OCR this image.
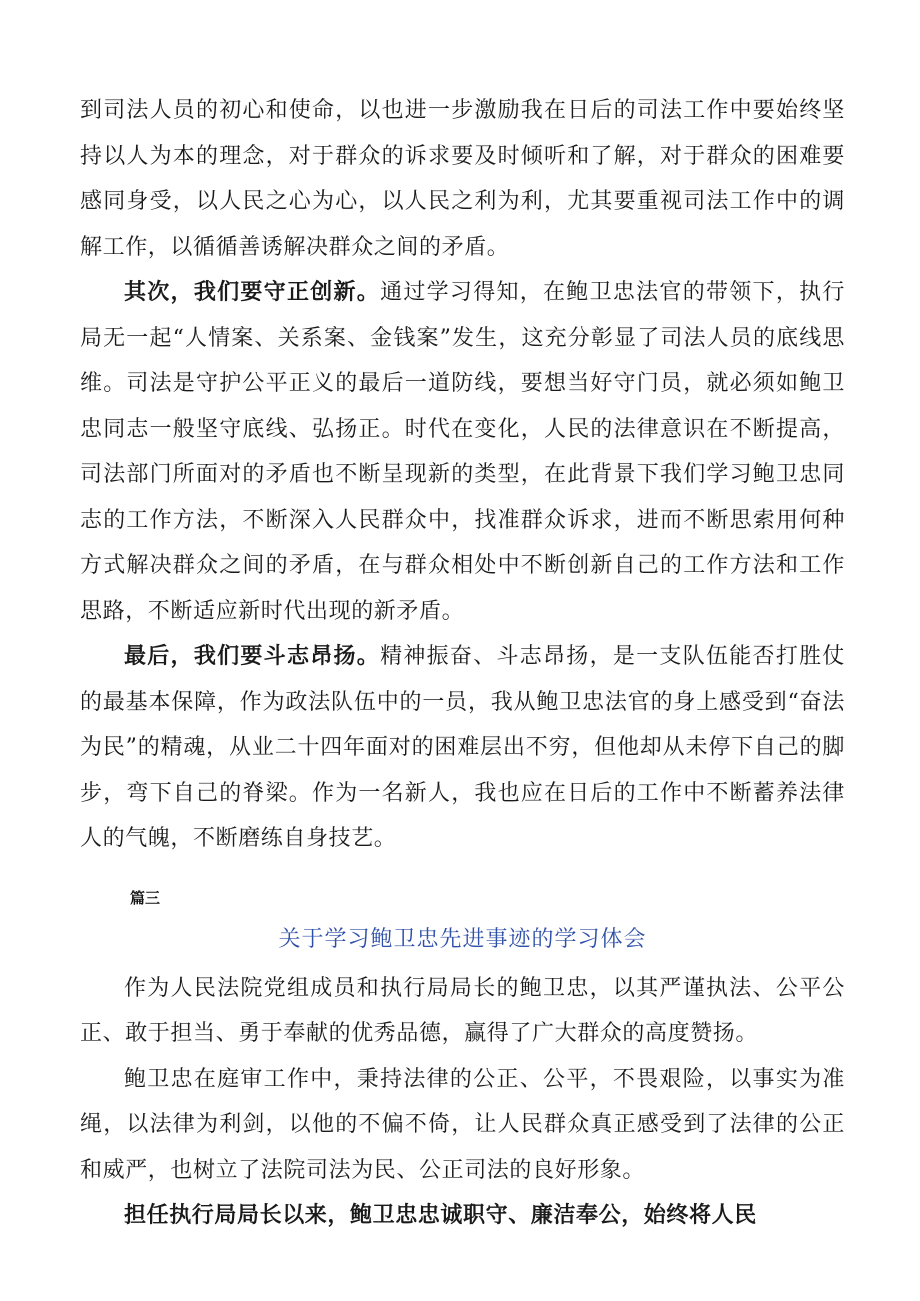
到司法人员的初心和使命，以也进一步激励我在日后的司法工作中要始终坚持以人为本的理念，对于群众的诉求要及时倾听和了解，对于群众的困难要感同身受，以人民之心为心，以人民之利为利，尤其要重视司法工作中的调解工作，以循循善诱解决群众之间的矛盾。

其次，我们要守正创新。通过学习得知，在鲍卫忠法官的带领下，执行局无一起“人情案、关系案、金钱案”发生，这充分彰显了司法人员的底线思维。司法是守护公平正义的最后一道防线，要想当好守门员，就必须如鲍卫忠同志一般坚守底线、弘扬正。时代在变化，人民的法律意识在不断提高，司法部门所面对的矛盾也不断呈现新的类型，在此背景下我们学习鲍卫忠同志的工作方法，不断深入人民群众中，找准群众诉求，进而不断思索用何种方式解决群众之间的矛盾，在与群众相处中不断创新自己的工作方法和工作思路，不断适应新时代出现的新矛盾。

最后，我们要斗志昂扬。精神振奋、斗志昂扬，是一支队伍能否打胜仗的最基本保障，作为政法队伍中的一员，我从鲍卫忠法官的身上感受到“奋法为民”的精魂，从业二十四年面对的困难层出不穷，但他却从未停下自己的脚步，弯下自己的脊梁。作为一名新人，我也应在日后的工作中不断蓄养法律人的气魄，不断磨练自身技艺。

篇三
关于学习鲍卫忠先进事迹的学习体会

作为人民法院党组成员和执行局局长的鲍卫忠，以其严谨执法、公平公正、敢于担当、勇于奉献的优秀品德，赢得了广大群众的高度赞扬。

鲍卫忠在庭审工作中，秉持法律的公正、公平，不畏艰险，以事实为准绳，以法律为利剑，以他的不偏不倚，让人民群众真正感受到了法律的公正和威严，也树立了法院司法为民、公正司法的良好形象。

担任执行局局长以来，鲍卫忠忠诚职守、廉洁奉公，始终将人民
